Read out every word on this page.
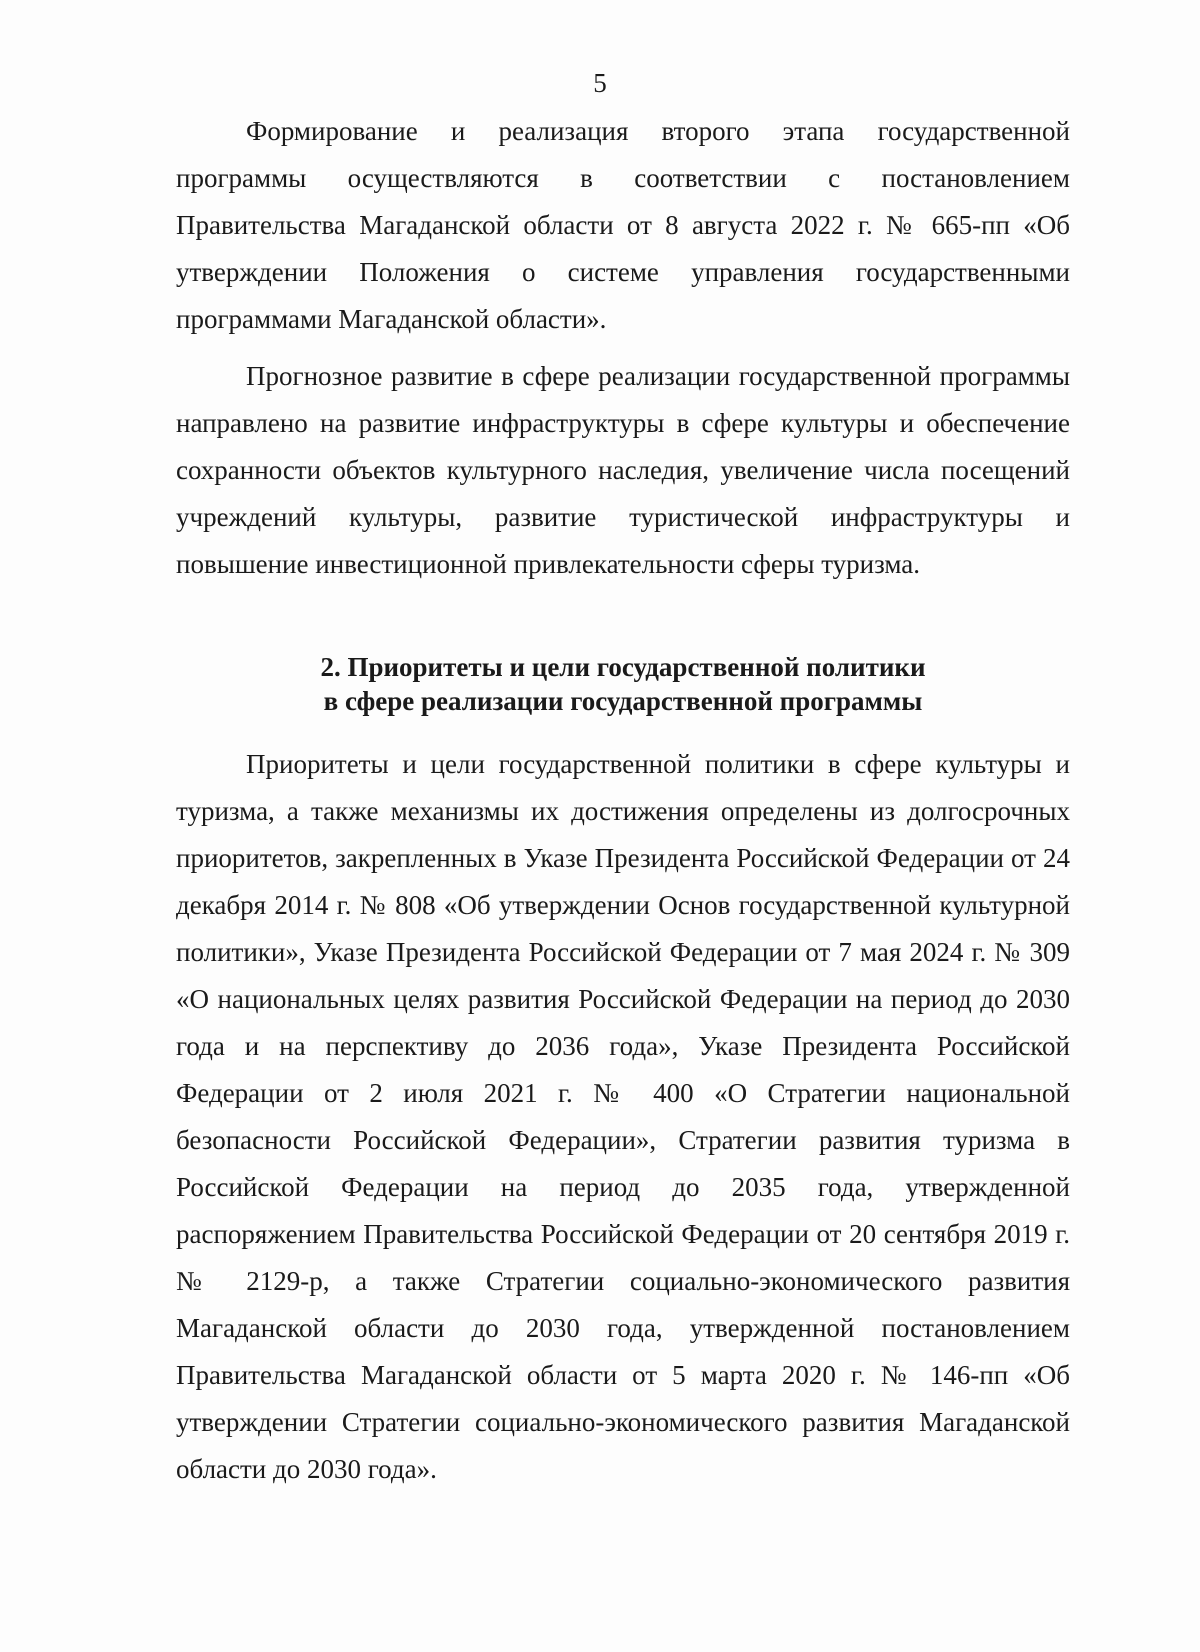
5

Формирование и реализация второго этапа государственной программы осуществляются в соответствии с постановлением Правительства Магаданской области от 8 августа 2022 г. № 665-пп «Об утверждении Положения о системе управления государственными программами Магаданской области».

Прогнозное развитие в сфере реализации государственной программы направлено на развитие инфраструктуры в сфере культуры и обеспечение сохранности объектов культурного наследия, увеличение числа посещений учреждений культуры, развитие туристической инфраструктуры и повышение инвестиционной привлекательности сферы туризма.

2. Приоритеты и цели государственной политики
в сфере реализации государственной программы

Приоритеты и цели государственной политики в сфере культуры и туризма, а также механизмы их достижения определены из долгосрочных приоритетов, закрепленных в Указе Президента Российской Федерации от 24 декабря 2014 г. № 808 «Об утверждении Основ государственной культурной политики», Указе Президента Российской Федерации от 7 мая 2024 г. № 309 «О национальных целях развития Российской Федерации на период до 2030 года и на перспективу до 2036 года», Указе Президента Российской Федерации от 2 июля 2021 г. № 400 «О Стратегии национальной безопасности Российской Федерации», Стратегии развития туризма в Российской Федерации на период до 2035 года, утвержденной распоряжением Правительства Российской Федерации от 20 сентября 2019 г. № 2129-р, а также Стратегии социально-экономического развития Магаданской области до 2030 года, утвержденной постановлением Правительства Магаданской области от 5 марта 2020 г. № 146-пп «Об утверждении Стратегии социально-экономического развития Магаданской области до 2030 года».
